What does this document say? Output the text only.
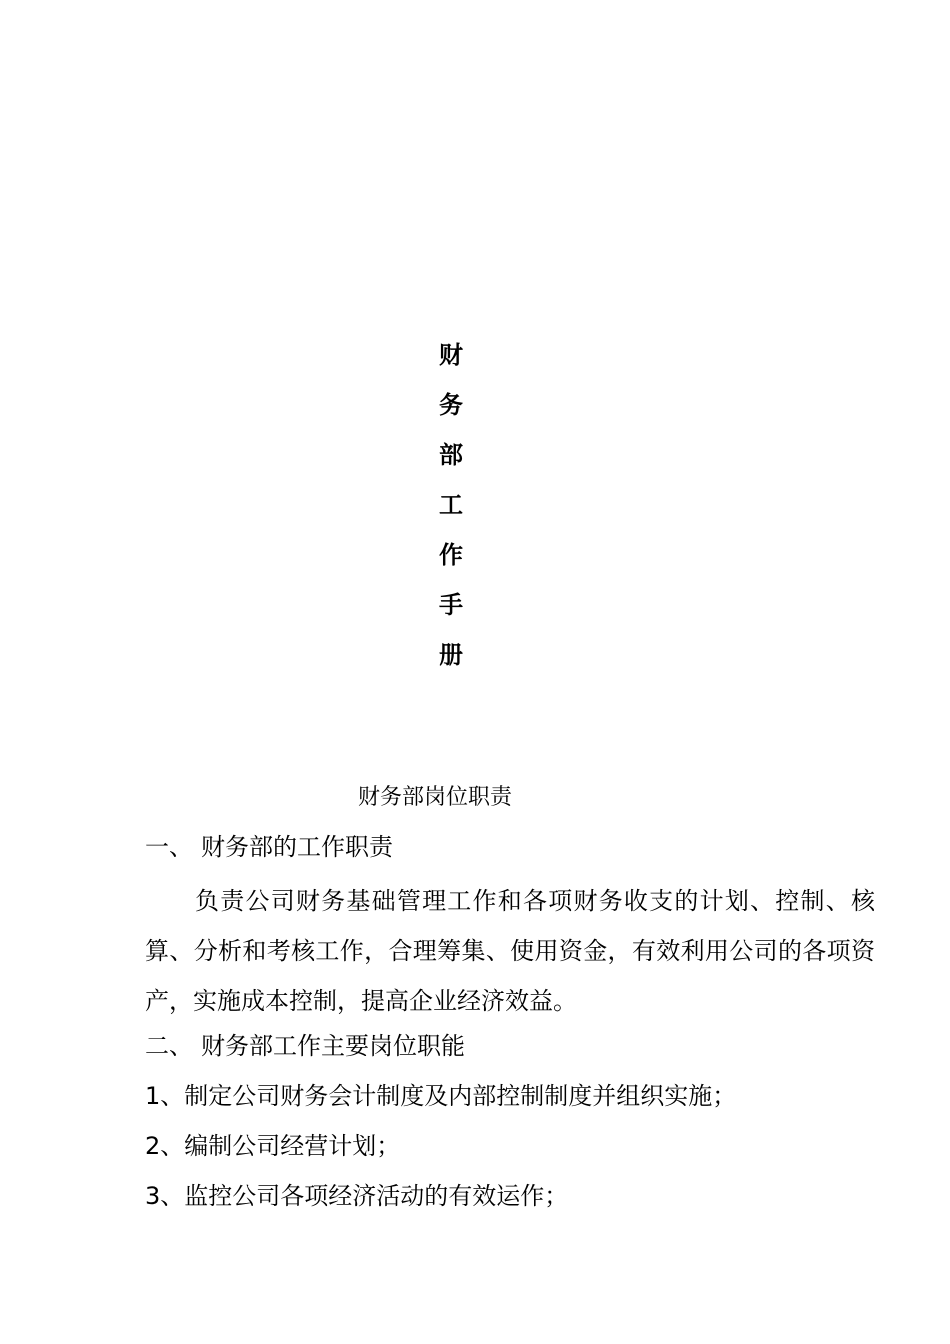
财
务
部
工
作
手
册
财务部岗位职责
一、 财务部的工作职责

负责公司财务基础管理工作和各项财务收支的计划、控制、核算、分析和考核工作，合理筹集、使用资金，有效利用公司的各项资产，实施成本控制，提高企业经济效益。

二、 财务部工作主要岗位职能
1、制定公司财务会计制度及内部控制制度并组织实施；
2、编制公司经营计划；
3、监控公司各项经济活动的有效运作；
